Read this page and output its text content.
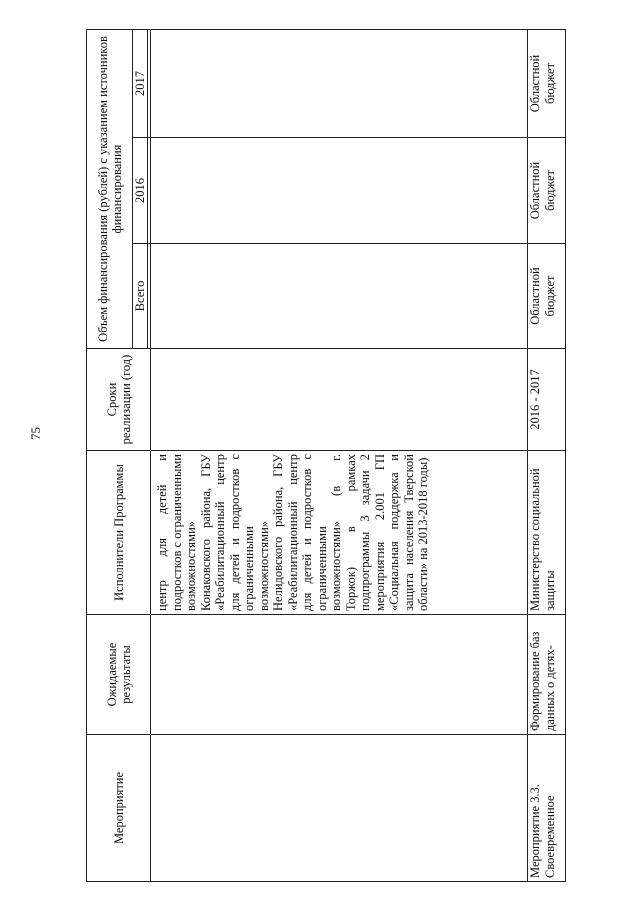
75
Мероприятие	Ожидаемые результаты	Исполнители Программы	Сроки реализации (год)	Объем финансирования (рублей) с указанием источников финансирования		
				Всего	2016	2017

		центр для детей и подростков с ограниченными возможностями» Конаковского района, ГБУ «Реабилитационный центр для детей и подростков с ограниченными возможностями» Нелидовского района, ГБУ «Реабилитационный центр для детей и подростков с ограниченными возможностями» (в г. Торжок) в рамках подпрограммы 3 задачи 2 мероприятия 2.001 ГП «Социальная поддержка и защита населения Тверской области» на 2013-2018 годы)				
Мероприятие 3.3. Своевременное	Формирование баз данных о детях-	Министерство социальной защиты	2016 - 2017	Областной бюджет	Областной бюджет	Областной бюджет
